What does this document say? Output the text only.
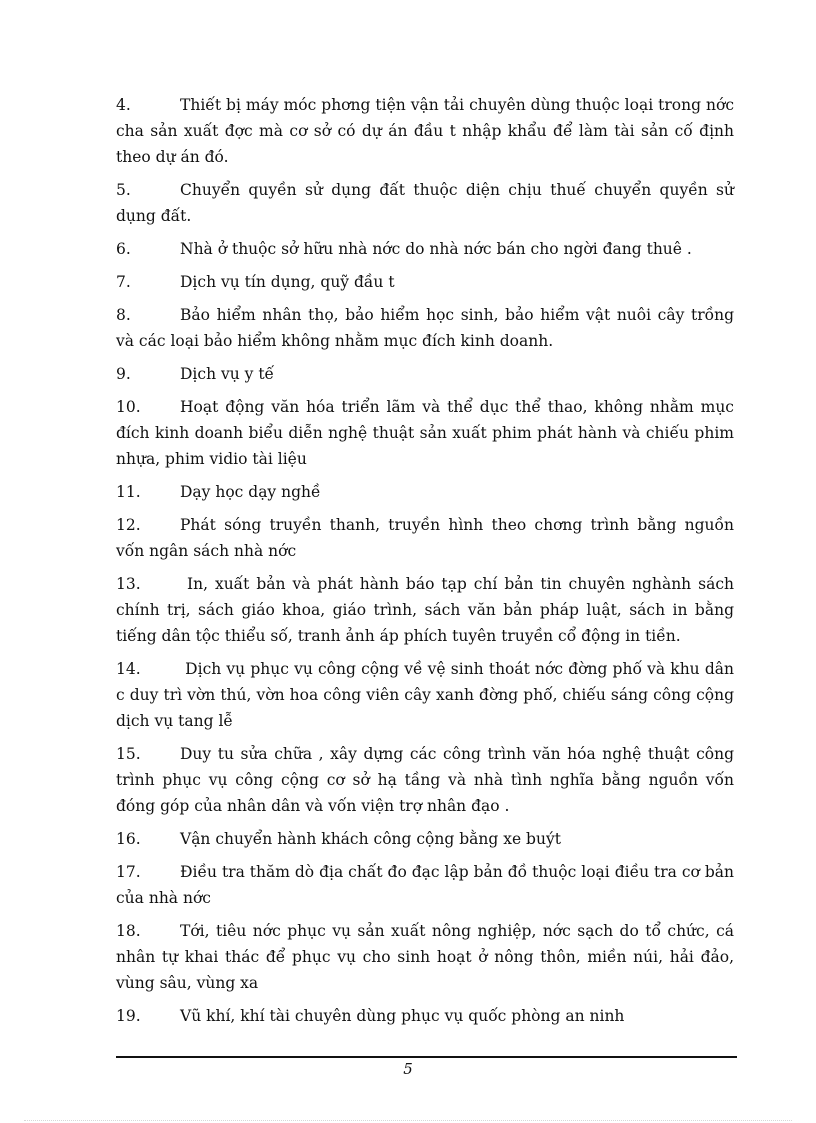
4.	Thiết bị máy móc phơng tiện vận tải chuyên dùng thuộc loại trong nớc cha sản xuất đợc mà cơ sở có dự án đầu t nhập khẩu để làm tài sản cố định theo dự án đó.

5.	Chuyển quyền sử dụng đất thuộc diện chịu thuế chuyển quyền sử dụng đất.

6.	Nhà ở thuộc sở hữu nhà nớc do nhà nớc bán cho ngời đang thuê .

7.	Dịch vụ tín dụng, quỹ đầu t

8.	Bảo hiểm nhân thọ, bảo hiểm học sinh, bảo hiểm vật nuôi cây trồng và các loại bảo hiểm không nhằm mục đích kinh doanh.

9.	Dịch vụ y tế

10.	Hoạt động văn hóa triển lãm và thể dục thể thao, không nhằm mục đích kinh doanh biểu diễn nghệ thuật sản xuất phim phát hành và chiếu phim nhựa, phim vidio tài liệu

11.	Dạy học dạy nghề

12.	Phát sóng truyền thanh, truyền hình theo chơng trình bằng nguồn vốn ngân sách nhà nớc

13.	In, xuất bản và phát hành báo tạp chí bản tin chuyên nghành sách chính trị, sách giáo khoa, giáo trình, sách văn bản pháp luật, sách in bằng tiếng dân tộc thiểu số, tranh ảnh áp phích tuyên truyền cổ động in tiền.

14.	Dịch vụ phục vụ công cộng về vệ sinh thoát nớc đờng phố và khu dân c duy trì vờn thú, vờn hoa công viên cây xanh đờng phố, chiếu sáng công cộng dịch vụ tang lễ

15.	Duy tu sửa chữa , xây dựng các công trình văn hóa nghệ thuật công trình phục vụ công cộng cơ sở hạ tầng và nhà tình nghĩa bằng nguồn vốn đóng góp của nhân dân và vốn viện trợ nhân đạo .

16.	Vận chuyển hành khách công cộng bằng xe buýt

17.	Điều tra thăm dò địa chất đo đạc lập bản đồ thuộc loại điều tra cơ bản của nhà nớc

18.	Tới, tiêu nớc phục vụ sản xuất nông nghiệp, nớc sạch do tổ chức, cá nhân tự khai thác để phục vụ cho sinh hoạt ở nông thôn, miền núi, hải đảo, vùng sâu, vùng xa

19.	Vũ khí, khí tài chuyên dùng phục vụ quốc phòng an ninh

5
